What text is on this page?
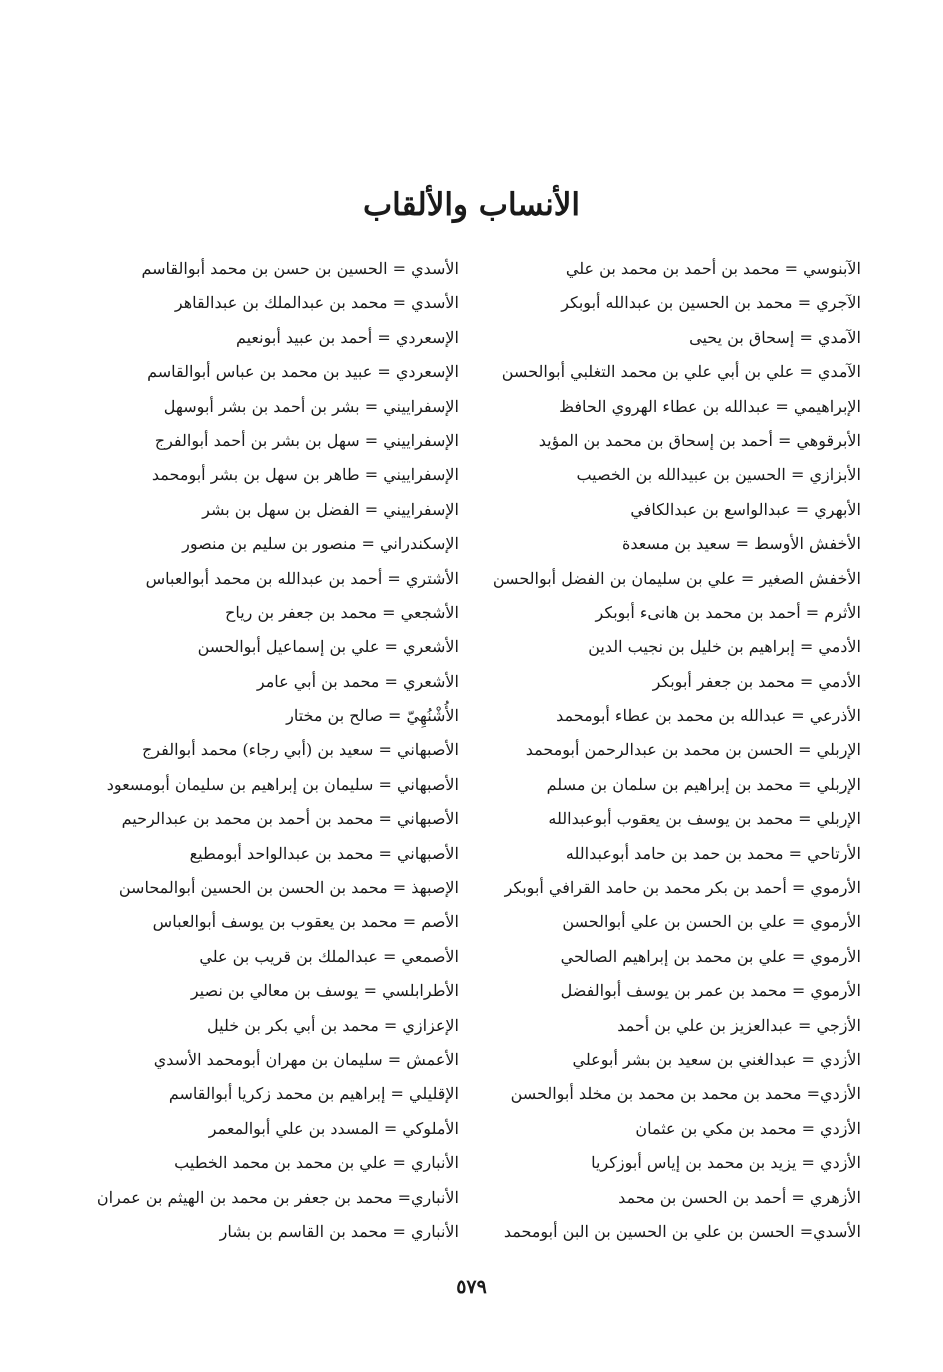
الأنساب والألقاب
الآبنوسي = محمد بن أحمد بن محمد بن علي
الآجري = محمد بن الحسين بن عبدالله أبوبكر
الآمدي = إسحاق بن يحيى
الآمدي = علي بن أبي علي بن محمد التغلبي أبوالحسن
الإبراهيمي = عبدالله بن عطاء الهروي الحافظ
الأبرقوهي = أحمد بن إسحاق بن محمد بن المؤيد
الأبزازي = الحسين بن عبيدالله بن الخصيب
الأبهري = عبدالواسع بن عبدالكافي
الأخفش الأوسط = سعيد بن مسعدة
الأخفش الصغير = علي بن سليمان بن الفضل أبوالحسن
الأثرم = أحمد بن محمد بن هانىء أبوبكر
الأدمي = إبراهيم بن خليل بن نجيب الدين
الأدمي = محمد بن جعفر أبوبكر
الأذرعي = عبدالله بن محمد بن عطاء أبومحمد
الإربلي = الحسن بن محمد بن عبدالرحمن أبومحمد
الإربلي = محمد بن إبراهيم بن سلمان بن مسلم
الإربلي = محمد بن يوسف بن يعقوب أبوعبدالله
الأرتاحي = محمد بن حمد بن حامد أبوعبدالله
الأرموي = أحمد بن بكر محمد بن حامد القرافي أبوبكر
الأرموي = علي بن الحسن بن علي أبوالحسن
الأرموي = علي بن محمد بن إبراهيم الصالحي
الأرموي = محمد بن عمر بن يوسف أبوالفضل
الأزجي = عبدالعزيز بن علي بن أحمد
الأزدي = عبدالغني بن سعيد بن بشر أبوعلي
الأزدي= محمد بن محمد بن محمد بن مخلد أبوالحسن
الأزدي = محمد بن مكي بن عثمان
الأزدي = يزيد بن محمد بن إياس أبوزكريا
الأزهري = أحمد بن الحسن بن محمد
الأسدي= الحسن بن علي بن الحسين بن البن أبومحمد
الأسدي = الحسين بن حسن بن محمد أبوالقاسم
الأسدي = محمد بن عبدالملك بن عبدالقاهر
الإسعردي = أحمد بن عبيد أبونعيم
الإسعردي = عبيد بن محمد بن عباس أبوالقاسم
الإسفراييني = بشر بن أحمد بن بشر أبوسهل
الإسفراييني = سهل بن بشر بن أحمد أبوالفرج
الإسفراييني = طاهر بن سهل بن بشر أبومحمد
الإسفراييني = الفضل بن سهل بن بشر
الإسكندراني = منصور بن سليم بن منصور
الأشتري = أحمد بن عبدالله بن محمد أبوالعباس
الأشجعي = محمد بن جعفر بن رياح
الأشعري = علي بن إسماعيل أبوالحسن
الأشعري = محمد بن أبي عامر
الأُشْنُهِيّ = صالح بن مختار
الأصبهاني = سعيد بن (أبي رجاء) محمد أبوالفرج
الأصبهاني = سليمان بن إبراهيم بن سليمان أبومسعود
الأصبهاني = محمد بن أحمد بن محمد بن عبدالرحيم
الأصبهاني = محمد بن عبدالواحد أبومطيع
الإصبهذ = محمد بن الحسن بن الحسين أبوالمحاسن
الأصم = محمد بن يعقوب بن يوسف أبوالعباس
الأصمعي = عبدالملك بن قريب بن علي
الأطرابلسي = يوسف بن معالي بن نصير
الإعزازي = محمد بن أبي بكر بن خليل
الأعمش = سليمان بن مهران أبومحمد الأسدي
الإقليلي = إبراهيم بن محمد زكريا أبوالقاسم
الأملوكي = المسدد بن علي أبوالمعمر
الأنباري = علي بن محمد بن محمد الخطيب
الأنباري= محمد بن جعفر بن محمد بن الهيثم بن عمران
الأنباري = محمد بن القاسم بن بشار
٥٧٩
